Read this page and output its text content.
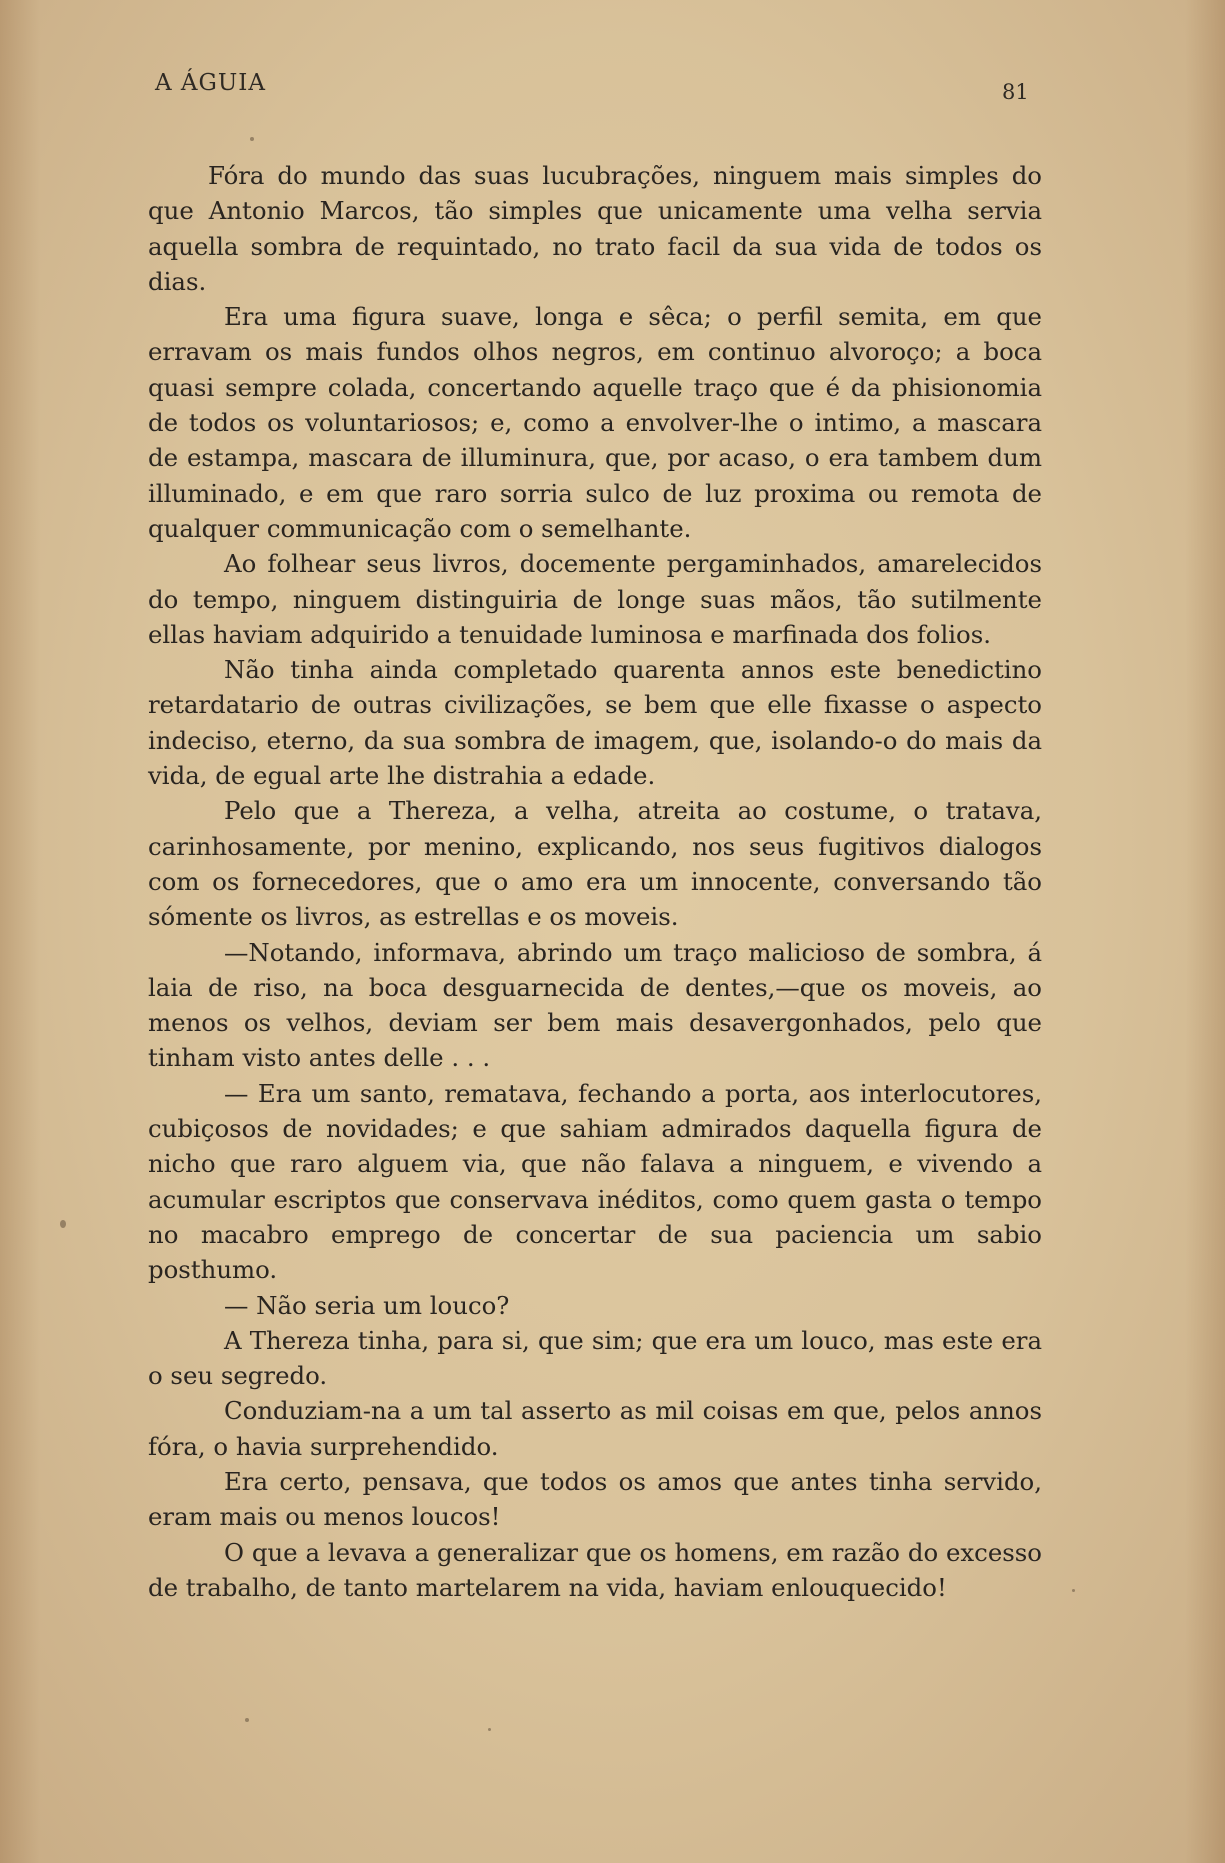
A ÁGUIA	81

Fóra do mundo das suas lucubrações, ninguem mais simples do que Antonio Marcos, tão simples que unicamente uma velha servia aquella sombra de requintado, no trato facil da sua vida de todos os dias.

Era uma figura suave, longa e sêca; o perfil semita, em que erravam os mais fundos olhos negros, em continuo alvoroço; a boca quasi sempre colada, concertando aquelle traço que é da phisionomia de todos os voluntariosos; e, como a envolver-lhe o intimo, a mascara de estampa, mascara de illuminura, que, por acaso, o era tambem dum illuminado, e em que raro sorria sulco de luz proxima ou remota de qualquer communicação com o semelhante.

Ao folhear seus livros, docemente pergaminhados, amarelecidos do tempo, ninguem distinguiria de longe suas mãos, tão sutilmente ellas haviam adquirido a tenuidade luminosa e marfinada dos folios.

Não tinha ainda completado quarenta annos este benedictino retardatario de outras civilizações, se bem que elle fixasse o aspecto indeciso, eterno, da sua sombra de imagem, que, isolando-o do mais da vida, de egual arte lhe distrahia a edade.

Pelo que a Thereza, a velha, atreita ao costume, o tratava, carinhosamente, por menino, explicando, nos seus fugitivos dialogos com os fornecedores, que o amo era um innocente, conversando tão sómente os livros, as estrellas e os moveis.

—Notando, informava, abrindo um traço malicioso de sombra, á laia de riso, na boca desguarnecida de dentes,—que os moveis, ao menos os velhos, deviam ser bem mais desavergonhados, pelo que tinham visto antes delle . . .

— Era um santo, rematava, fechando a porta, aos interlocutores, cubiçosos de novidades; e que sahiam admirados daquella figura de nicho que raro alguem via, que não falava a ninguem, e vivendo a acumular escriptos que conservava inéditos, como quem gasta o tempo no macabro emprego de concertar de sua paciencia um sabio posthumo.

— Não seria um louco?

A Thereza tinha, para si, que sim; que era um louco, mas este era o seu segredo.

Conduziam-na a um tal asserto as mil coisas em que, pelos annos fóra, o havia surprehendido.

Era certo, pensava, que todos os amos que antes tinha servido, eram mais ou menos loucos!

O que a levava a generalizar que os homens, em razão do excesso de trabalho, de tanto martelarem na vida, haviam enlouquecido!
